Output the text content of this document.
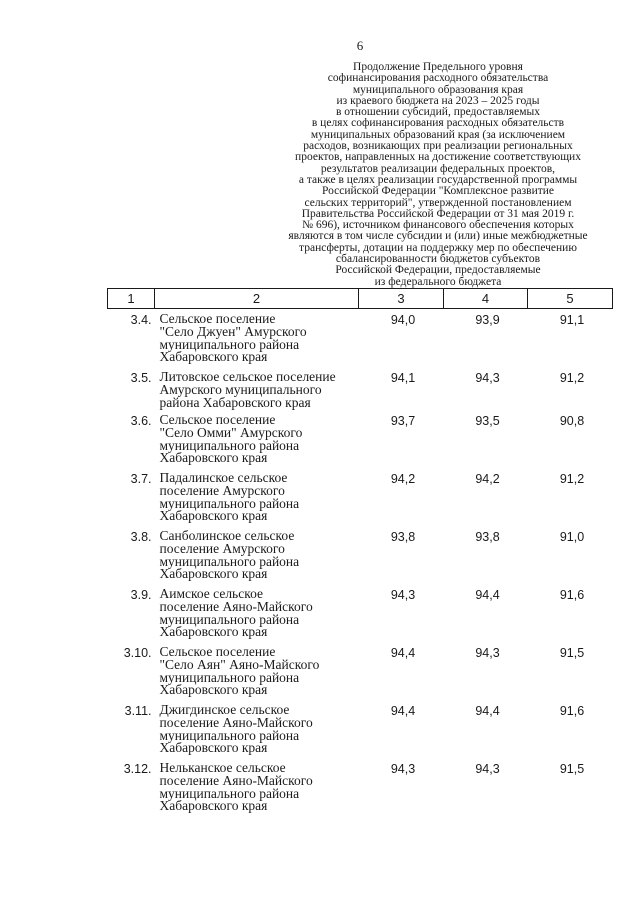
6
Продолжение Предельного уровня
софинансирования расходного обязательства
муниципального образования края
из краевого бюджета на 2023 – 2025 годы
в отношении субсидий, предоставляемых
в целях софинансирования расходных обязательств
муниципальных образований края (за исключением
расходов, возникающих при реализации региональных
проектов, направленных на достижение соответствующих
результатов реализации федеральных проектов,
а также в целях реализации государственной программы
Российской Федерации "Комплексное развитие
сельских территорий", утвержденной постановлением
Правительства Российской Федерации от 31 мая 2019 г.
№ 696), источником финансового обеспечения которых
являются в том числе субсидии и (или) иные межбюджетные
трансферты, дотации на поддержку мер по обеспечению
сбалансированности бюджетов субъектов
Российской Федерации, предоставляемые
из федерального бюджета
1	2	3	4	5
3.4.	Сельское поселение
"Село Джуен" Амурского
муниципального района
Хабаровского края	94,0	93,9	91,1
3.5.	Литовское сельское поселение
Амурского муниципального
района Хабаровского края	94,1	94,3	91,2
3.6.	Сельское поселение
"Село Омми" Амурского
муниципального района
Хабаровского края	93,7	93,5	90,8
3.7.	Падалинское сельское
поселение Амурского
муниципального района
Хабаровского края	94,2	94,2	91,2
3.8.	Санболинское сельское
поселение Амурского
муниципального района
Хабаровского края	93,8	93,8	91,0
3.9.	Аимское сельское
поселение Аяно-Майского
муниципального района
Хабаровского края	94,3	94,4	91,6
3.10.	Сельское поселение
"Село Аян" Аяно-Майского
муниципального района
Хабаровского края	94,4	94,3	91,5
3.11.	Джигдинское сельское
поселение Аяно-Майского
муниципального района
Хабаровского края	94,4	94,4	91,6
3.12.	Нельканское сельское
поселение Аяно-Майского
муниципального района
Хабаровского края	94,3	94,3	91,5
